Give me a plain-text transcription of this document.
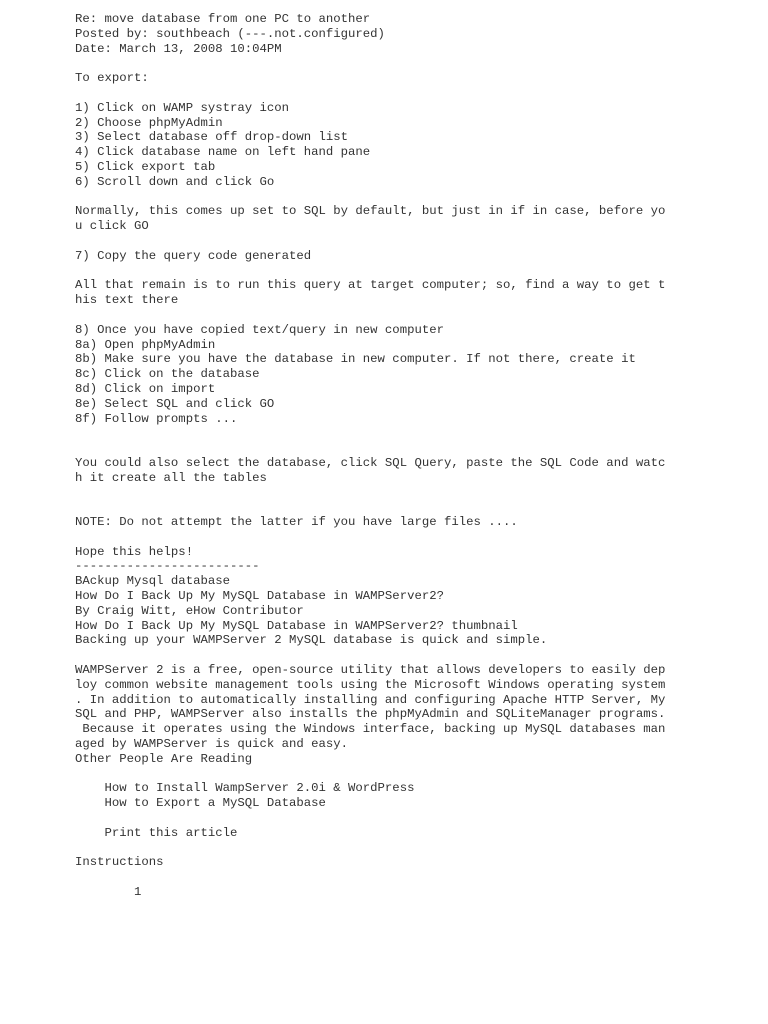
Re: move database from one PC to another
Posted by: southbeach (---.not.configured)
Date: March 13, 2008 10:04PM
To export:
1) Click on WAMP systray icon
2) Choose phpMyAdmin
3) Select database off drop-down list
4) Click database name on left hand pane
5) Click export tab
6) Scroll down and click Go
Normally, this comes up set to SQL by default, but just in if in case, before yo
u click GO
7) Copy the query code generated
All that remain is to run this query at target computer; so, find a way to get t
his text there
8) Once you have copied text/query in new computer
8a) Open phpMyAdmin
8b) Make sure you have the database in new computer. If not there, create it
8c) Click on the database
8d) Click on import
8e) Select SQL and click GO
8f) Follow prompts ...
You could also select the database, click SQL Query, paste the SQL Code and watc
h it create all the tables
NOTE: Do not attempt the latter if you have large files ....
Hope this helps!
-------------------------
BAckup Mysql database
How Do I Back Up My MySQL Database in WAMPServer2?
By Craig Witt, eHow Contributor
How Do I Back Up My MySQL Database in WAMPServer2? thumbnail
Backing up your WAMPServer 2 MySQL database is quick and simple.
WAMPServer 2 is a free, open-source utility that allows developers to easily dep
loy common website management tools using the Microsoft Windows operating system
. In addition to automatically installing and configuring Apache HTTP Server, My
SQL and PHP, WAMPServer also installs the phpMyAdmin and SQLiteManager programs.
Because it operates using the Windows interface, backing up MySQL databases man
aged by WAMPServer is quick and easy.
Other People Are Reading
How to Install WampServer 2.0i & WordPress
How to Export a MySQL Database
Print this article
Instructions
1
